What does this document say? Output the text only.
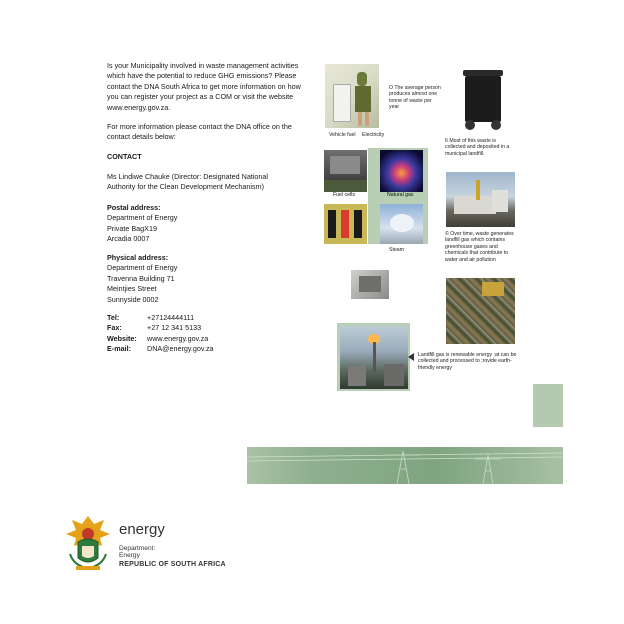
Is your Municipality involved in waste management activities which have the potential to reduce GHG emissions? Please contact the DNA South Africa to get more information on how you can register your project as a COM or visit the website www.energy.gov.za.
For more information please contact the DNA office on the contact details below:
CONTACT
Ms Lindiwe Chauke (Director: Designated National Authority for the Clean Development Mechanism)
Postal address:
Department of Energy
Private BagX19
Arcadia 0007
Physical address:
Department of Energy
Travenna Building 71
Meintjies Street
Sunnyside 0002
Tel:	+27124444111
Fax:	+27 12 341 5133
Website:	www.energy.gov.za
E-mail:	DNA@energy.gov.za
O The average person produces almost one tonne of waste per year
Vehicle fuel Electricity
6 Most of this waste is collected and deposited in a municipal landfill.
Fuel cells	Natural gas
Steam
© Over time, waste generates landfill gas which contains greenhouse gases and chemicals that contribute to water and air pollution
Landfill gas is renewable energy ;at can be collected and processed to ;rovide earth-friendly energy
energy
Department:
Energy
REPUBLIC OF SOUTH AFRICA
